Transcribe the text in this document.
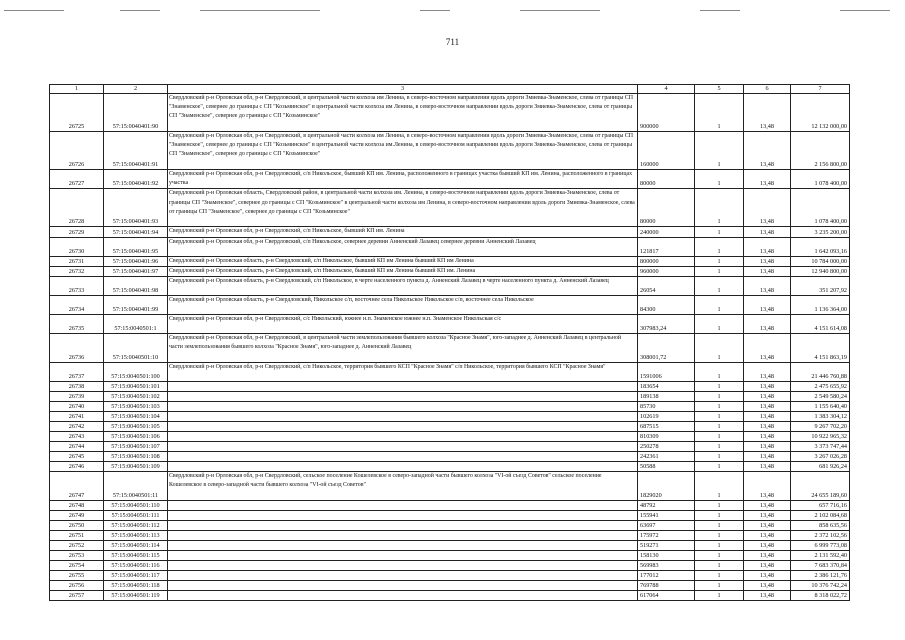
711
1	2	3	4	5	6	7
26725	57:15:0040401:90	Свердловский р-н Орловская обл, р-н Свердловский, в центральной части колхоза им Ленина, в северо-восточном направлении вдоль дороги Змиевка-Знаменское, слева от границы СП "Знаменское", севернее до границы с СП "Козьминское" в центральной части колхоза им Ленина, в северо-восточном направлении вдоль дороги Змиевка-Знаменское, слева от границы СП "Знаменское", севернее до границы с СП "Козьминское"	900000	1	13,48	12 132 000,00
26726	57:15:0040401:91	Свердловский р-н Орловская обл, р-н Свердловский, в центральной части колхоза им Ленина, в северо-восточном направлении вдоль дороги Змиевка-Знаменское, слева от границы СП "Знаменское", севернее до границы с СП "Козьминское" в центральной части колхоза им.Ленина, в северо-восточном направлении вдоль дороги Змиевка-Знаменское, слева от границы СП "Знаменское", севернее до границы с СП "Козьминское"	160000	1	13,48	2 156 800,00
26727	57:15:0040401:92	Свердловский р-н Орловская обл, р-н Свердловский, с/п Никольское, бывший КП им. Ленина, расположенного в границах участка бывший КП им. Ленина, расположенного в границах участка	80000	1	13,48	1 078 400,00
26728	57:15:0040401:93	Свердловский р-н Орловская область, Свердловский район, в центральной части колхоза им. Ленина, в северо-восточном направлении вдоль дороги Змиевка-Знаменское, слева от границы СП "Знаменское", севернее до границы с СП "Козьминское" в центральной части колхоза им Ленина, в северо-восточном направлении вдоль дороги Змиевка-Знаменское, слева от границы СП "Знаменское", севернее до границы с СП "Козьминское"	80000	1	13,48	1 078 400,00
26729	57:15:0040401:94	Свердловский р-н Орловская обл, р-н Свердловский, с/п Никольское, бывший КП им. Ленина	240000	1	13,48	3 235 200,00
26730	57:15:0040401:95	Свердловский р-н Орловская обл, р-н Свердловский, с/п Никольское, севернее деревни Анненский Лазавец севернее деревни Анненский Лазавец	121817	1	13,48	1 642 093,16
26731	57:15:0040401:96	Свердловский р-н Орловская область, р-н Свердловский, с/п Никольское, бывший КП им Ленина бывший КП им Ленина	800000	1	13,48	10 784 000,00
26732	57:15:0040401:97	Свердловский р-н Орловская область, р-н Свердловский, с/п Никольское, бывший КП им Ленина бывший КП им. Ленина	960000	1	13,48	12 940 800,00
26733	57:15:0040401:98	Свердловский р-н Орловская область, р-н Свердловский, с/п Никольское, в черте населенного пункта д. Анненский Лазавец в черте населенного пункта д. Анненский Лазавец	26054	1	13,48	351 207,92
26734	57:15:0040401:99	Свердловский р-н Орловская область, р-н Свердловский, Никольское с/п, восточнее села Никольское Никольское с/п, восточнее села Никольское	84300	1	13,48	1 136 364,00
26735	57:15:0040501:1	Свердловский р-н Орловская обл, р-н Свердловский, с/с Никольский, южнее н.п. Знаменское южнее н.п. Знаменское Никольская с/с	307983,24	1	13,48	4 151 614,08
26736	57:15:0040501:10	Свердловский р-н Орловская обл, р-н Свердловский, в центральной части землепользования бывшего колхоза "Красное Знамя", юго-западнее д. Анненский Лазавец в центральной части землепользования бывшего колхоза "Красное Знамя", юго-западнее д. Анненский Лазавец	308001,72	1	13,48	4 151 863,19
26737	57:15:0040501:100	Свердловский р-н Орловская обл, р-н Свердловский, с/п Никольское, территория бывшего КСП "Красное Знамя" с/п Никольское, территория бывшего КСП "Красное Знамя"	1591006	1	13,48	21 446 760,88
26738	57:15:0040501:101		183654	1	13,48	2 475 655,92
26739	57:15:0040501:102		189138	1	13,48	2 549 580,24
26740	57:15:0040501:103		85730	1	13,48	1 155 640,40
26741	57:15:0040501:104		102619	1	13,48	1 383 304,12
26742	57:15:0040501:105		687515	1	13,48	9 267 702,20
26743	57:15:0040501:106		810309	1	13,48	10 922 965,32
26744	57:15:0040501:107		250278	1	13,48	3 373 747,44
26745	57:15:0040501:108		242361	1	13,48	3 267 026,28
26746	57:15:0040501:109		50588	1	13,48	681 926,24
26747	57:15:0040501:11	Свердловский р-н Орловская обл, р-н Свердловский, сельское поселение Кошелевское в северо-западной части бывшего колхоза "VI-ой съезд Советов" сельское поселение Кошелевское в северо-западной части бывшего колхоза "VI-ой съезд Советов"	1829020	1	13,48	24 655 189,60
26748	57:15:0040501:110		48792	1	13,48	657 716,16
26749	57:15:0040501:111		155941	1	13,48	2 102 084,68
26750	57:15:0040501:112		63697	1	13,48	858 635,56
26751	57:15:0040501:113		175972	1	13,48	2 372 102,56
26752	57:15:0040501:114		519271	1	13,48	6 999 773,08
26753	57:15:0040501:115		158130	1	13,48	2 131 592,40
26754	57:15:0040501:116		569983	1	13,48	7 683 370,84
26755	57:15:0040501:117		177012	1	13,48	2 386 121,76
26756	57:15:0040501:118		769788	1	13,48	10 376 742,24
26757	57:15:0040501:119		617064	1	13,48	8 318 022,72
